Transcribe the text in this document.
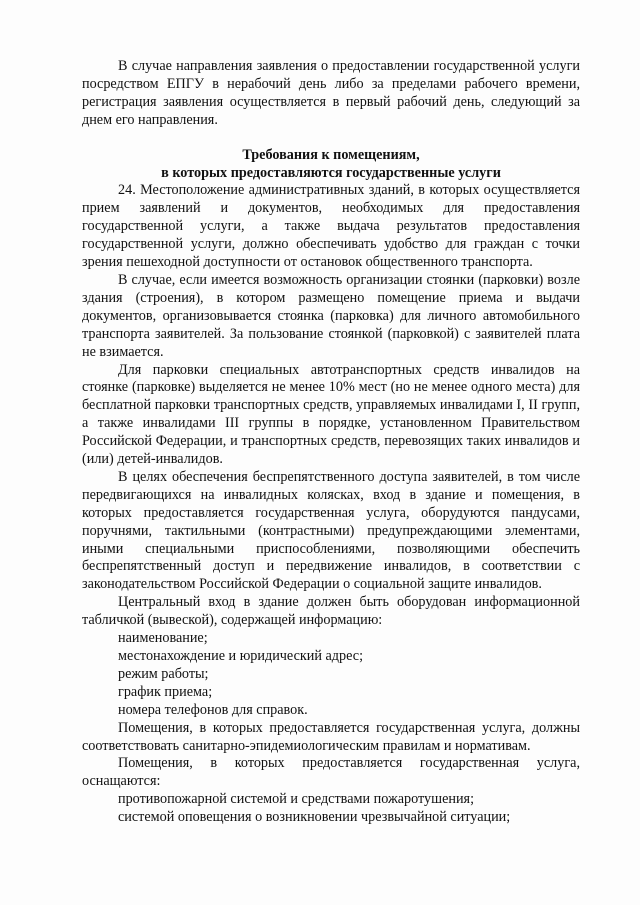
В случае направления заявления о предоставлении государственной услуги посредством ЕПГУ в нерабочий день либо за пределами рабочего времени, регистрация заявления осуществляется в первый рабочий день, следующий за днем его направления.

Требования к помещениям,

в которых предоставляются государственные услуги

24. Местоположение административных зданий, в которых осуществляется прием заявлений и документов, необходимых для предоставления государственной услуги, а также выдача результатов предоставления государственной услуги, должно обеспечивать удобство для граждан с точки зрения пешеходной доступности от остановок общественного транспорта.

В случае, если имеется возможность организации стоянки (парковки) возле здания (строения), в котором размещено помещение приема и выдачи документов, организовывается стоянка (парковка) для личного автомобильного транспорта заявителей. За пользование стоянкой (парковкой) с заявителей плата не взимается.

Для парковки специальных автотранспортных средств инвалидов на стоянке (парковке) выделяется не менее 10% мест (но не менее одного места) для бесплатной парковки транспортных средств, управляемых инвалидами I, II групп, а также инвалидами III группы в порядке, установленном Правительством Российской Федерации, и транспортных средств, перевозящих таких инвалидов и (или) детей-инвалидов.

В целях обеспечения беспрепятственного доступа заявителей, в том числе передвигающихся на инвалидных колясках, вход в здание и помещения, в которых предоставляется государственная услуга, оборудуются пандусами, поручнями, тактильными (контрастными) предупреждающими элементами, иными специальными приспособлениями, позволяющими обеспечить беспрепятственный доступ и передвижение инвалидов, в соответствии с законодательством Российской Федерации о социальной защите инвалидов.

Центральный вход в здание должен быть оборудован информационной табличкой (вывеской), содержащей информацию:

наименование;
местонахождение и юридический адрес;
режим работы;
график приема;
номера телефонов для справок.

Помещения, в которых предоставляется государственная услуга, должны соответствовать санитарно-эпидемиологическим правилам и нормативам.

Помещения, в которых предоставляется государственная услуга, оснащаются:

противопожарной системой и средствами пожаротушения;
системой оповещения о возникновении чрезвычайной ситуации;
